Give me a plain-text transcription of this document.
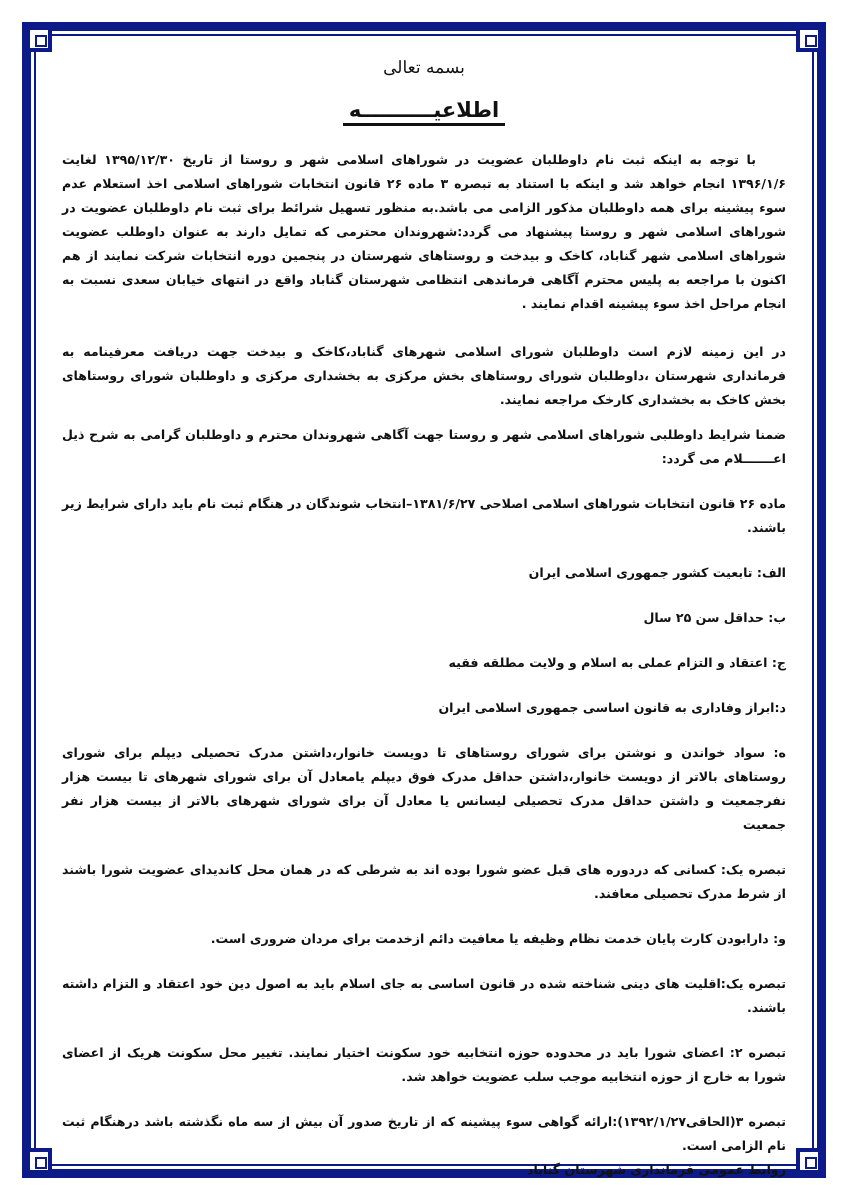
بسمه تعالی
اطلاعیــــــــــه

با توجه به اینکه ثبت نام داوطلبان عضویت در شوراهای اسلامی شهر و روستا از تاریخ ۱۳۹۵/۱۲/۳۰ لغایت ۱۳۹۶/۱/۶ انجام خواهد شد و اینکه با استناد به تبصره ۳ ماده ۲۶ قانون انتخابات شوراهای اسلامی اخذ استعلام عدم سوء پیشینه برای همه داوطلبان مذکور الزامی می باشد.به منظور تسهیل شرائط برای ثبت نام داوطلبان عضویت در شوراهای اسلامی شهر و روستا پیشنهاد می گردد:شهروندان محترمی که تمایل دارند به عنوان داوطلب عضویت شوراهای اسلامی شهر گناباد، کاخک و بیدخت و روستاهای شهرستان در پنجمین دوره انتخابات شرکت نمایند از هم اکنون با مراجعه به پلیس محترم آگاهی فرماندهی انتظامی شهرستان گناباد واقع در انتهای خیابان سعدی نسبت به انجام مراحل اخذ سوء پیشینه اقدام نمایند .

در این زمینه لازم است داوطلبان شورای اسلامی شهرهای گناباد،کاخک و بیدخت جهت دریافت معرفینامه به فرمانداری شهرستان ،داوطلبان شورای روستاهای بخش مرکزی به بخشداری مرکزی و داوطلبان شورای روستاهای بخش کاخک به بخشداری کارخک مراجعه نمایند.

ضمنا شرایط داوطلبی شوراهای اسلامی شهر و روستا جهت آگاهی شهروندان محترم و داوطلبان گرامی به شرح ذیل اعـــــــلام می گردد:

ماده ۲۶ قانون انتخابات شوراهای اسلامی اصلاحی ۱۳۸۱/۶/۲۷–انتخاب شوندگان در هنگام ثبت نام باید دارای شرایط زیر باشند.

الف: تابعیت کشور جمهوری اسلامی ایران

ب: حداقل سن ۲۵ سال

ج: اعتقاد و التزام عملی به اسلام و ولایت مطلقه فقیه

د:ابراز وفاداری به قانون اساسی جمهوری اسلامی ایران

ه: سواد خواندن و نوشتن برای شورای روستاهای تا دویست خانوار،داشتن مدرک تحصیلی دیپلم برای شورای روستاهای بالاتر از دویست خانوار،داشتن حداقل مدرک فوق دیپلم یامعادل آن برای شورای شهرهای تا بیست هزار نفرجمعیت و داشتن حداقل مدرک تحصیلی لیسانس یا معادل آن برای شورای شهرهای بالاتر از بیست هزار نفر جمعیت

تبصره یک: کسانی که دردوره های قبل عضو شورا بوده اند به شرطی که در همان محل کاندیدای عضویت شورا باشند از شرط مدرک تحصیلی معافند.

و: دارابودن کارت پایان خدمت نظام وظیفه یا معافیت دائم ازخدمت برای مردان ضروری است.

تبصره یک:اقلیت های دینی شناخته شده در قانون اساسی به جای اسلام باید به اصول دین خود اعتقاد و التزام داشته باشند.

تبصره ۲: اعضای شورا باید در محدوده حوزه انتخابیه خود سکونت اختیار نمایند. تغییر محل سکونت هریک از اعضای شورا به خارج از حوزه انتخابیه موجب سلب عضویت خواهد شد.

تبصره ۳(الحاقی۱۳۹۲/۱/۲۷):ارائه گواهی سوء پیشینه که از تاریخ صدور آن بیش از سه ماه نگذشته باشد درهنگام ثبت نام الزامی است.

روابط عمومی فرمانداری شهرستان گناباد
